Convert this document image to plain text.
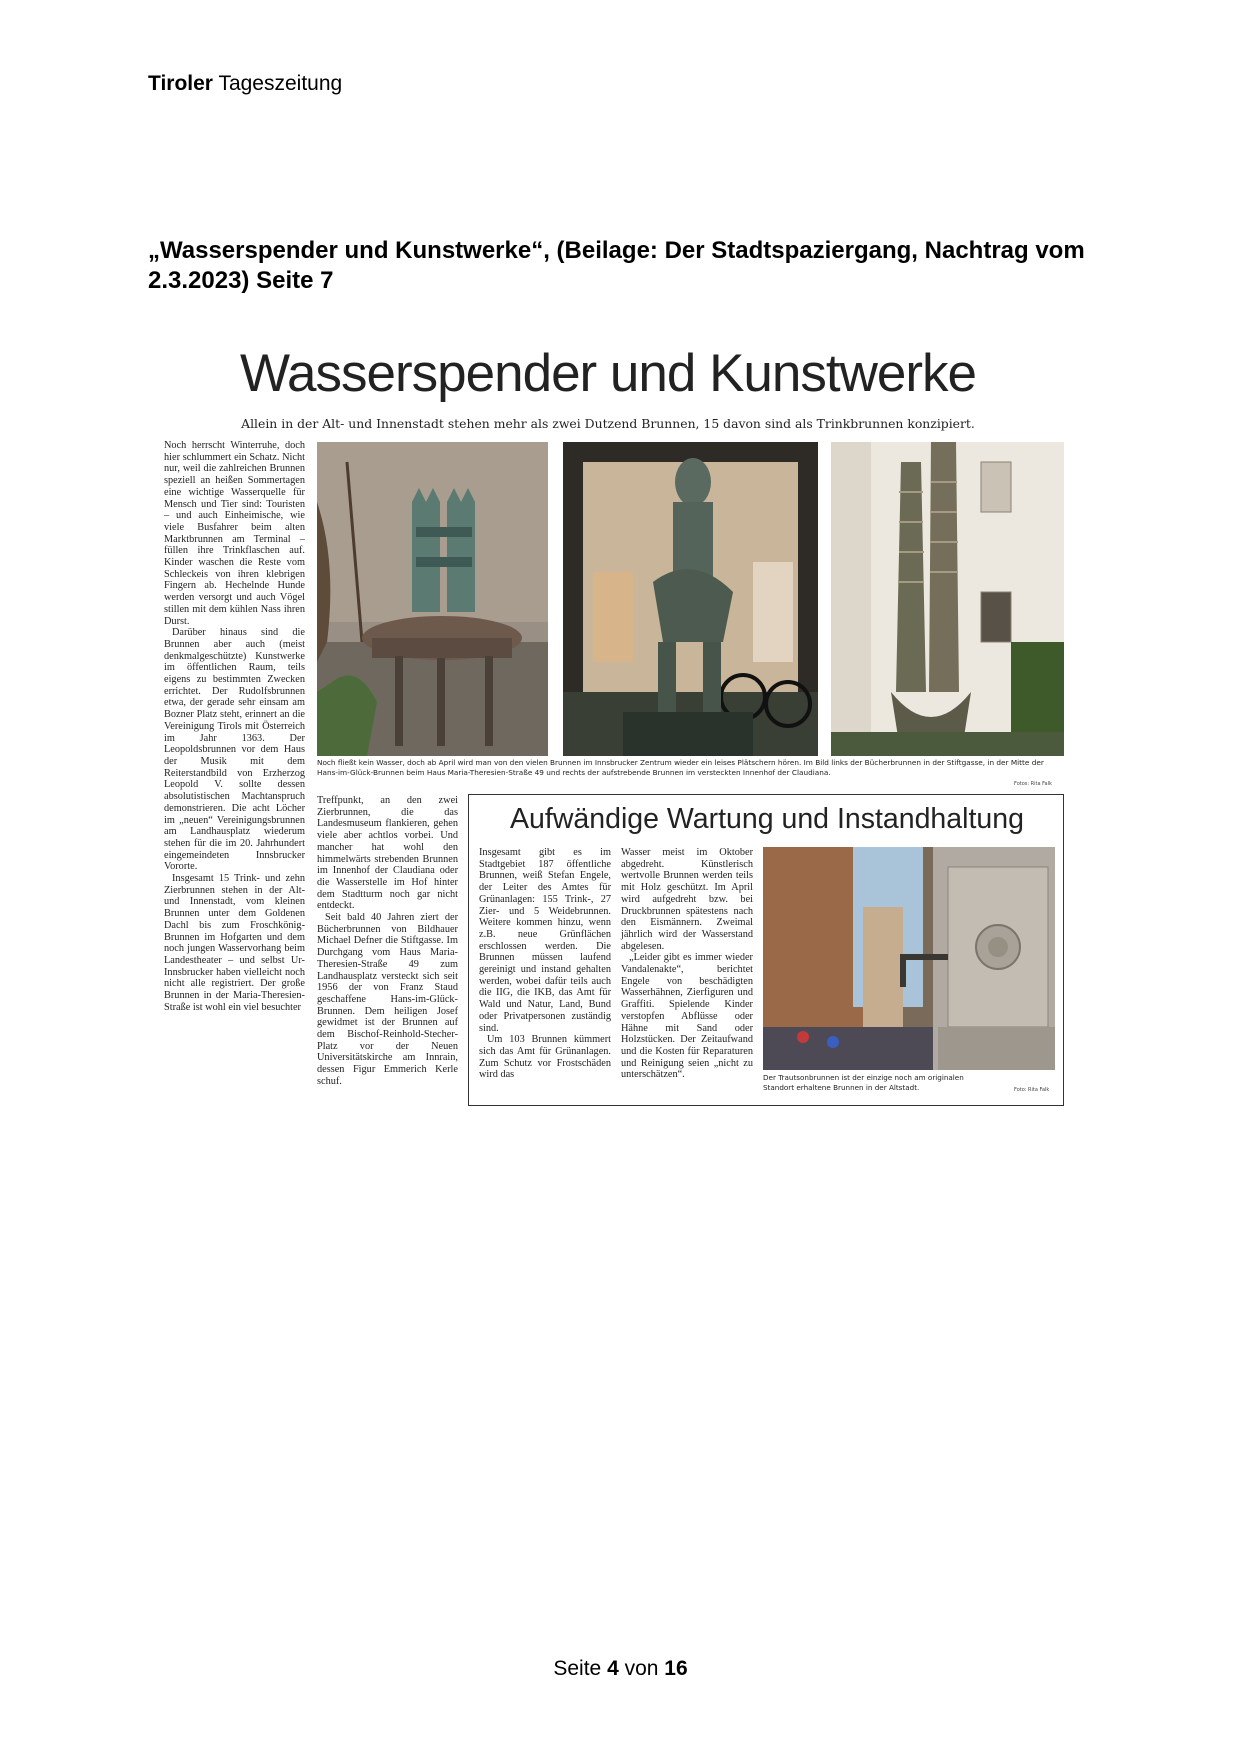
Tiroler Tageszeitung
„Wasserspender und Kunstwerke“, (Beilage: Der Stadtspaziergang, Nachtrag vom 2.3.2023) Seite 7
Wasserspender und Kunstwerke
Allein in der Alt- und Innenstadt stehen mehr als zwei Dutzend Brunnen, 15 davon sind als Trinkbrunnen konzipiert.

Noch herrscht Winterruhe, doch hier schlummert ein Schatz. Nicht nur, weil die zahlreichen Brunnen speziell an heißen Sommertagen eine wichtige Wasserquelle für Mensch und Tier sind: Touristen – und auch Einheimische, wie viele Busfahrer beim alten Marktbrunnen am Terminal – füllen ihre Trinkflaschen auf. Kinder waschen die Reste vom Schleckeis von ihren klebrigen Fingern ab. Hechelnde Hunde werden versorgt und auch Vögel stillen mit dem kühlen Nass ihren Durst.

Darüber hinaus sind die Brunnen aber auch (meist denkmalgeschützte) Kunstwerke im öffentlichen Raum, teils eigens zu bestimmten Zwecken errichtet. Der Rudolfsbrunnen etwa, der gerade sehr einsam am Bozner Platz steht, erinnert an die Vereinigung Tirols mit Österreich im Jahr 1363. Der Leopoldsbrunnen vor dem Haus der Musik mit dem Reiterstandbild von Erzherzog Leopold V. sollte dessen absolutistischen Machtanspruch demonstrieren. Die acht Löcher im „neuen“ Vereinigungsbrunnen am Landhausplatz wiederum stehen für die im 20. Jahrhundert eingemeindeten Innsbrucker Vororte.

Insgesamt 15 Trink- und zehn Zierbrunnen stehen in der Alt- und Innenstadt, vom kleinen Brunnen unter dem Goldenen Dachl bis zum Froschkönig-Brunnen im Hofgarten und dem noch jungen Wasservorhang beim Landestheater – und selbst Ur-Innsbrucker haben vielleicht noch nicht alle registriert. Der große Brunnen in der Maria-Theresien-Straße ist wohl ein viel besuchter

Noch fließt kein Wasser, doch ab April wird man von den vielen Brunnen im Innsbrucker Zentrum wieder ein leises Plätschern hören. Im Bild links der Bücherbrunnen in der Stiftgasse, in der Mitte der Hans-im-Glück-Brunnen beim Haus Maria-Theresien-Straße 49 und rechts der aufstrebende Brunnen im versteckten Innenhof der Claudiana.
Fotos: Rita Falk

Treffpunkt, an den zwei Zierbrunnen, die das Landesmuseum flankieren, gehen viele aber achtlos vorbei. Und mancher hat wohl den himmelwärts strebenden Brunnen im Innenhof der Claudiana oder die Wasserstelle im Hof hinter dem Stadtturm noch gar nicht entdeckt.

Seit bald 40 Jahren ziert der Bücherbrunnen von Bildhauer Michael Defner die Stiftgasse. Im Durchgang vom Haus Maria-Theresien-Straße 49 zum Landhausplatz versteckt sich seit 1956 der von Franz Staud geschaffene Hans-im-Glück-Brunnen. Dem heiligen Josef gewidmet ist der Brunnen auf dem Bischof-Reinhold-Stecher-Platz vor der Neuen Universitätskirche am Innrain, dessen Figur Emmerich Kerle schuf.

Aufwändige Wartung und Instandhaltung

Insgesamt gibt es im Stadtgebiet 187 öffentliche Brunnen, weiß Stefan Engele, der Leiter des Amtes für Grünanlagen: 155 Trink-, 27 Zier- und 5 Weidebrunnen. Weitere kommen hinzu, wenn z.B. neue Grünflächen erschlossen werden. Die Brunnen müssen laufend gereinigt und instand gehalten werden, wobei dafür teils auch die IIG, die IKB, das Amt für Wald und Natur, Land, Bund oder Privatpersonen zuständig sind.

Um 103 Brunnen kümmert sich das Amt für Grünanlagen. Zum Schutz vor Frostschäden wird das

Wasser meist im Oktober abgedreht. Künstlerisch wertvolle Brunnen werden teils mit Holz geschützt. Im April wird aufgedreht bzw. bei Druckbrunnen spätestens nach den Eismännern. Zweimal jährlich wird der Wasserstand abgelesen.

„Leider gibt es immer wieder Vandalenakte“, berichtet Engele von beschädigten Wasserhähnen, Zierfiguren und Graffiti. Spielende Kinder verstopfen Abflüsse oder Hähne mit Sand oder Holzstücken. Der Zeitaufwand und die Kosten für Reparaturen und Reinigung seien „nicht zu unterschätzen“.	Der Trautsonbrunnen ist der einzige noch am originalen Standort erhaltene Brunnen in der Altstadt.	Foto: Rita Falk
Seite 4 von 16
